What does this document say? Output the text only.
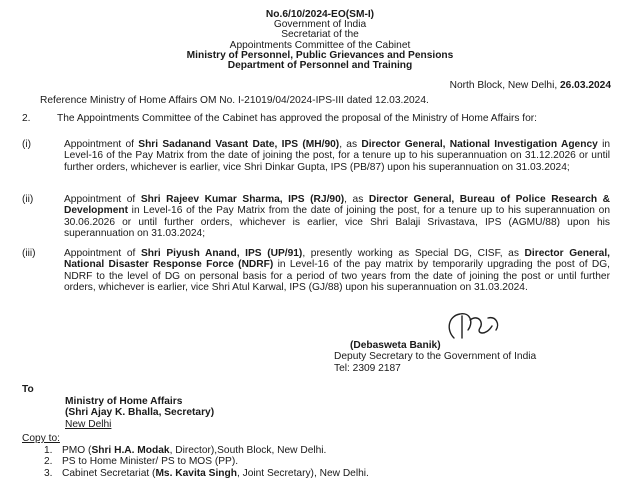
No.6/10/2024-EO(SM-I)
Government of India
Secretariat of the
Appointments Committee of the Cabinet
Ministry of Personnel, Public Grievances and Pensions
Department of Personnel and Training
North Block, New Delhi, 26.03.2024
Reference Ministry of Home Affairs OM No. I-21019/04/2024-IPS-III dated 12.03.2024.
2.	The Appointments Committee of the Cabinet has approved the proposal of the Ministry of Home Affairs for:
(i)	Appointment of Shri Sadanand Vasant Date, IPS (MH/90), as Director General, National Investigation Agency in Level-16 of the Pay Matrix from the date of joining the post, for a tenure up to his superannuation on 31.12.2026 or until further orders, whichever is earlier, vice Shri Dinkar Gupta, IPS (PB/87) upon his superannuation on 31.03.2024;
(ii)	Appointment of Shri Rajeev Kumar Sharma, IPS (RJ/90), as Director General, Bureau of Police Research & Development in Level-16 of the Pay Matrix from the date of joining the post, for a tenure up to his superannuation on 30.06.2026 or until further orders, whichever is earlier, vice Shri Balaji Srivastava, IPS (AGMU/88) upon his superannuation on 31.03.2024;
(iii)	Appointment of Shri Piyush Anand, IPS (UP/91), presently working as Special DG, CISF, as Director General, National Disaster Response Force (NDRF) in Level-16 of the pay matrix by temporarily upgrading the post of DG, NDRF to the level of DG on personal basis for a period of two years from the date of joining the post or until further orders, whichever is earlier, vice Shri Atul Karwal, IPS (GJ/88) upon his superannuation on 31.03.2024.
(Debasweta Banik)
Deputy Secretary to the Government of India
Tel: 2309 2187
To
Ministry of Home Affairs
(Shri Ajay K. Bhalla, Secretary)
New Delhi
Copy to:
1. PMO (Shri H.A. Modak, Director),South Block, New Delhi.
2. PS to Home Minister/ PS to MOS (PP).
3. Cabinet Secretariat (Ms. Kavita Singh, Joint Secretary), New Delhi.
